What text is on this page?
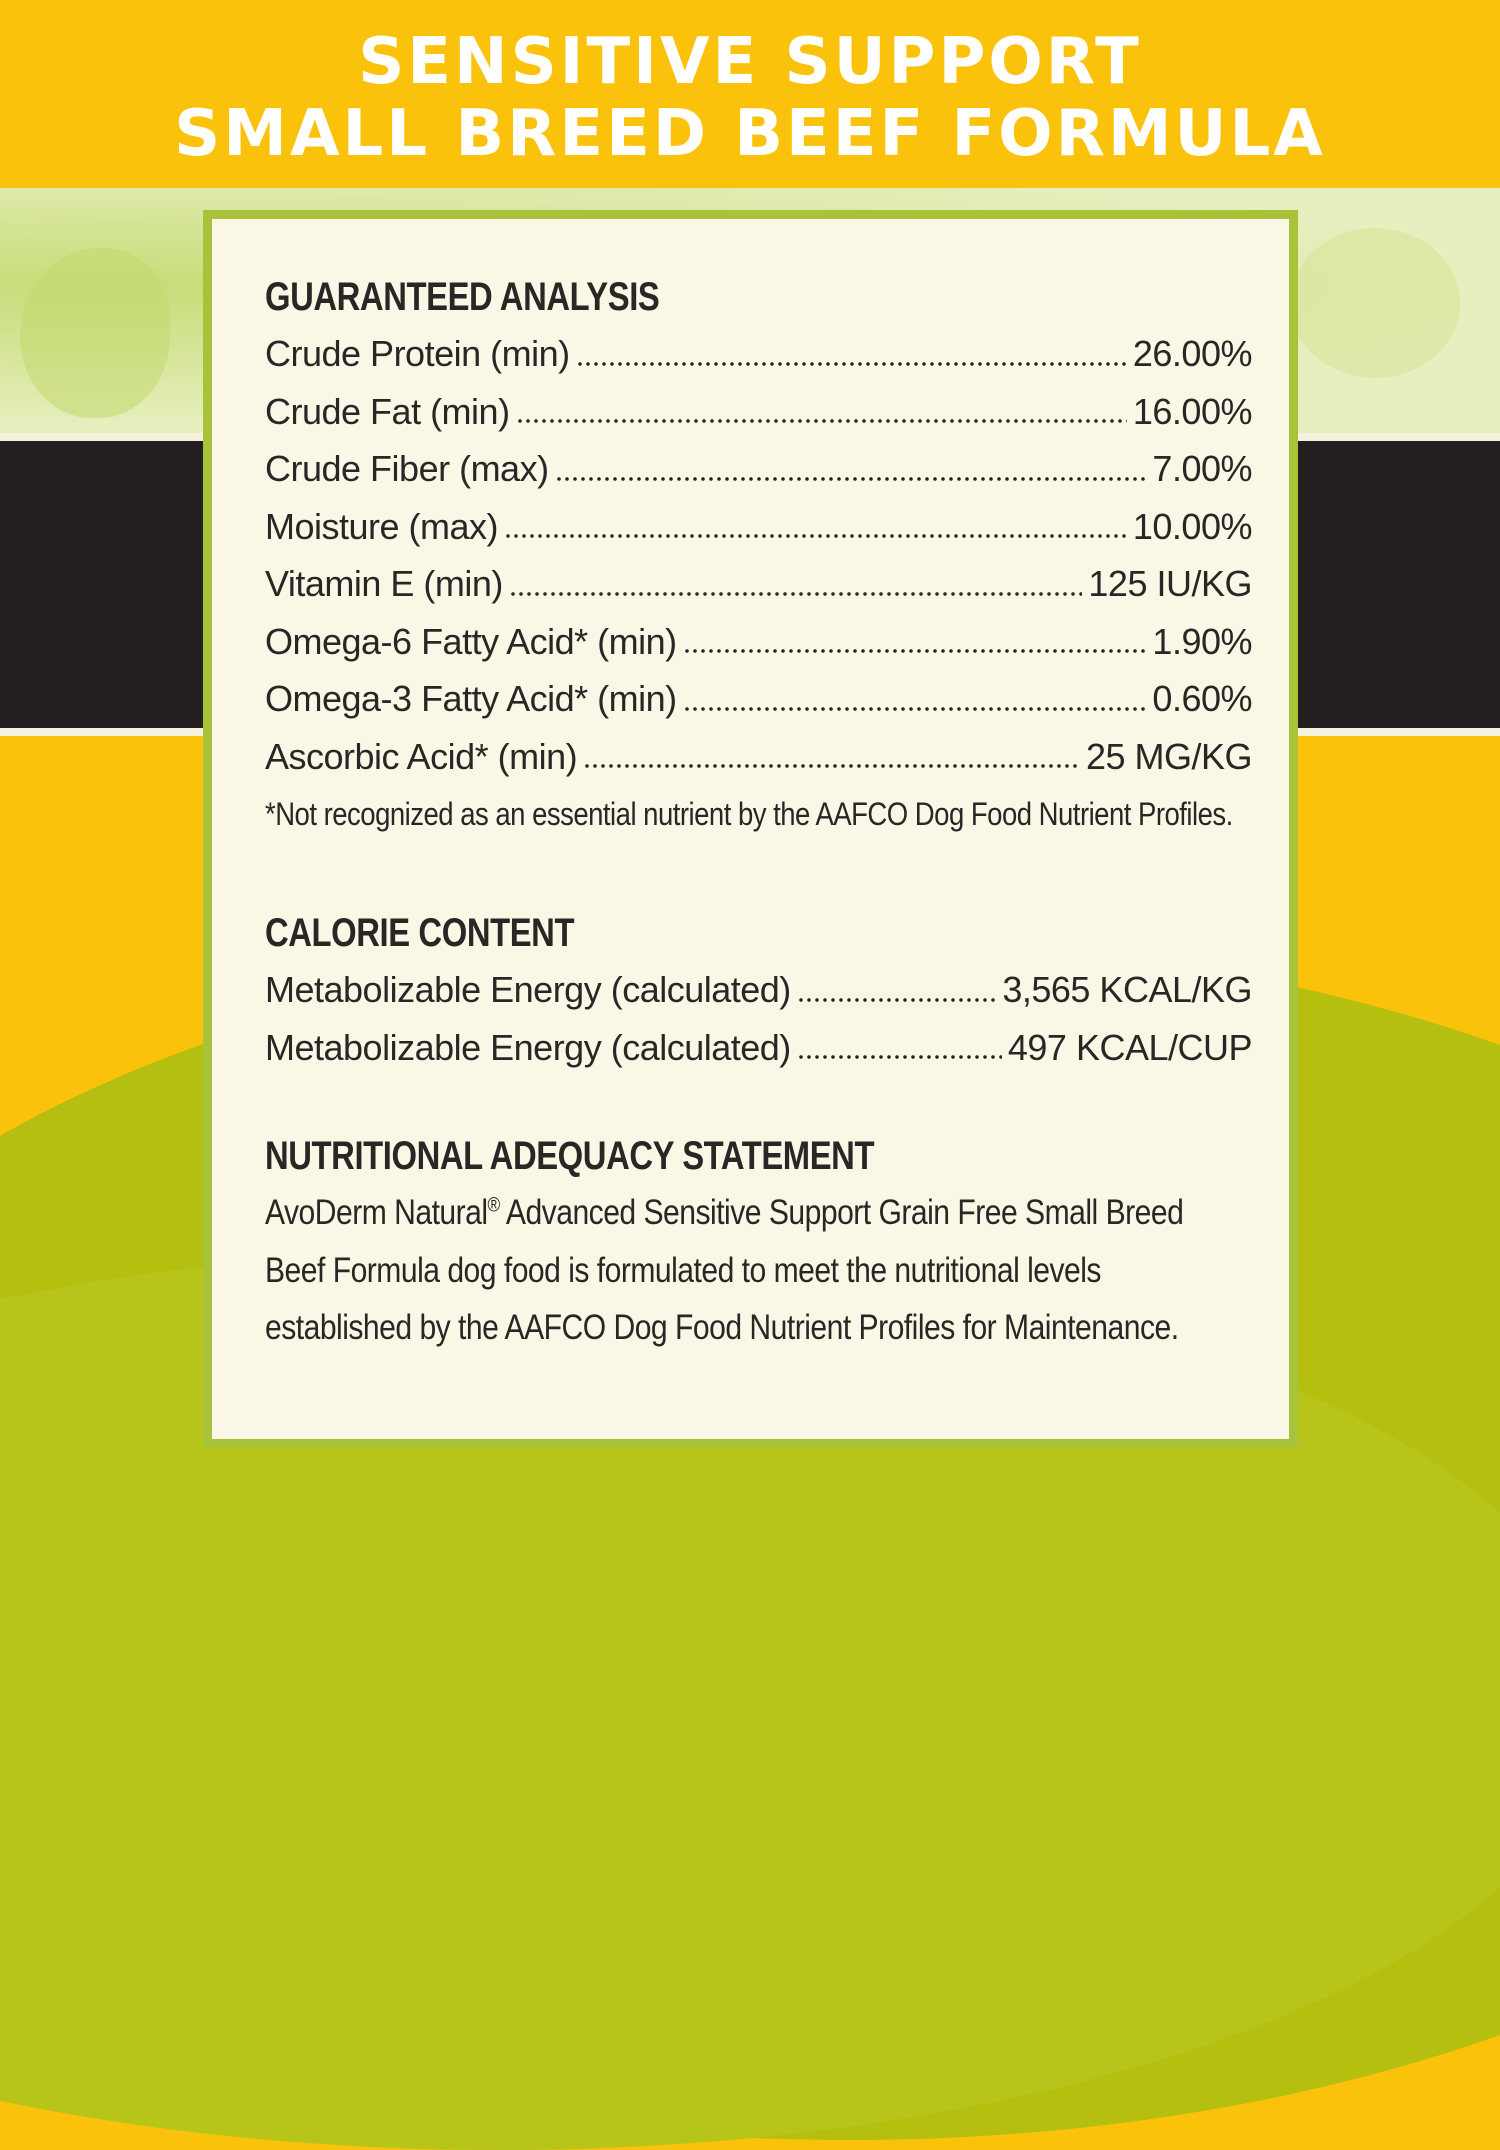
SENSITIVE SUPPORT
SMALL BREED BEEF FORMULA
GUARANTEED ANALYSIS
Crude Protein (min)	26.00%
Crude Fat (min)	16.00%
Crude Fiber (max)	7.00%
Moisture (max)	10.00%
Vitamin E (min)	125 IU/KG
Omega-6 Fatty Acid* (min)	1.90%
Omega-3 Fatty Acid* (min)	0.60%
Ascorbic Acid* (min)	25 MG/KG

*Not recognized as an essential nutrient by the AAFCO Dog Food Nutrient Profiles.

CALORIE CONTENT
Metabolizable Energy (calculated)	3,565 KCAL/KG
Metabolizable Energy (calculated)	497 KCAL/CUP
NUTRITIONAL ADEQUACY STATEMENT

AvoDerm Natural® Advanced Sensitive Support Grain Free Small Breed Beef Formula dog food is formulated to meet the nutritional levels established by the AAFCO Dog Food Nutrient Profiles for Maintenance.
